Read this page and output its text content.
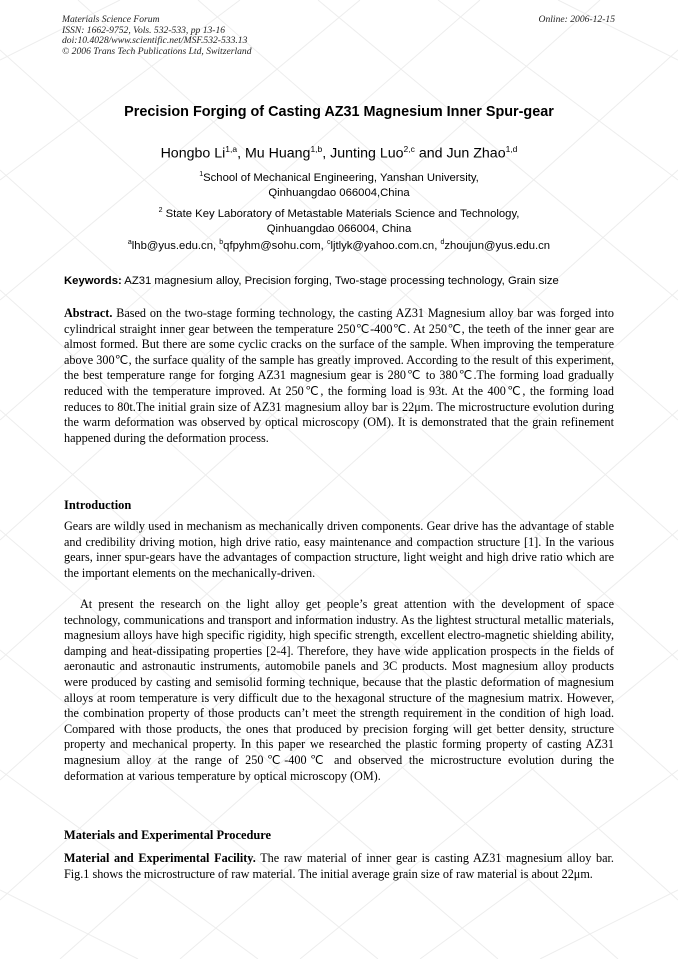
Materials Science Forum
ISSN: 1662-9752, Vols. 532-533, pp 13-16
doi:10.4028/www.scientific.net/MSF.532-533.13
© 2006 Trans Tech Publications Ltd, Switzerland
Online: 2006-12-15
Precision Forging of Casting AZ31 Magnesium Inner Spur-gear
Hongbo Li$^{1,a}$, Mu Huang$^{1,b}$, Junting Luo$^{2,c}$ and Jun Zhao$^{1,d}$
$^1$School of Mechanical Engineering, Yanshan University,
Qinhuangdao 066004,China
$^2$ State Key Laboratory of Metastable Materials Science and Technology,
Qinhuangdao 066004, China
$^a$lhb@yus.edu.cn, $^b$qfpyhm@sohu.com, $^c$ljtlyk@yahoo.com.cn, $^d$zhoujun@yus.edu.cn
Keywords: AZ31 magnesium alloy, Precision forging, Two-stage processing technology, Grain size

Abstract. Based on the two-stage forming technology, the casting AZ31 Magnesium alloy bar was forged into cylindrical straight inner gear between the temperature 250℃-400℃. At 250℃, the teeth of the inner gear are almost formed. But there are some cyclic cracks on the surface of the sample. When improving the temperature above 300℃, the surface quality of the sample has greatly improved. According to the result of this experiment, the best temperature range for forging AZ31 magnesium gear is 280℃ to 380℃.The forming load gradually reduced with the temperature improved. At 250℃, the forming load is 93t. At the 400℃, the forming load reduces to 80t.The initial grain size of AZ31 magnesium alloy bar is 22μm. The microstructure evolution during the warm deformation was observed by optical microscopy (OM). It is demonstrated that the grain refinement happened during the deformation process.

Introduction

Gears are wildly used in mechanism as mechanically driven components. Gear drive has the advantage of stable and credibility driving motion, high drive ratio, easy maintenance and compaction structure [1]. In the various gears, inner spur-gears have the advantages of compaction structure, light weight and high drive ratio which are the important elements on the mechanically-driven.

At present the research on the light alloy get people’s great attention with the development of space technology, communications and transport and information industry. As the lightest structural metallic materials, magnesium alloys have high specific rigidity, high specific strength, excellent electro-magnetic shielding ability, damping and heat-dissipating properties [2-4]. Therefore, they have wide application prospects in the fields of aeronautic and astronautic instruments, automobile panels and 3C products. Most magnesium alloy products were produced by casting and semisolid forming technique, because that the plastic deformation of magnesium alloys at room temperature is very difficult due to the hexagonal structure of the magnesium matrix. However, the combination property of those products can’t meet the strength requirement in the condition of high load. Compared with those products, the ones that produced by precision forging will get better density, structure property and mechanical property. In this paper we researched the plastic forming property of casting AZ31 magnesium alloy at the range of 250℃-400℃ and observed the microstructure evolution during the deformation at various temperature by optical microscopy (OM).

Materials and Experimental Procedure

Material and Experimental Facility. The raw material of inner gear is casting AZ31 magnesium alloy bar. Fig.1 shows the microstructure of raw material. The initial average grain size of raw material is about 22μm.
